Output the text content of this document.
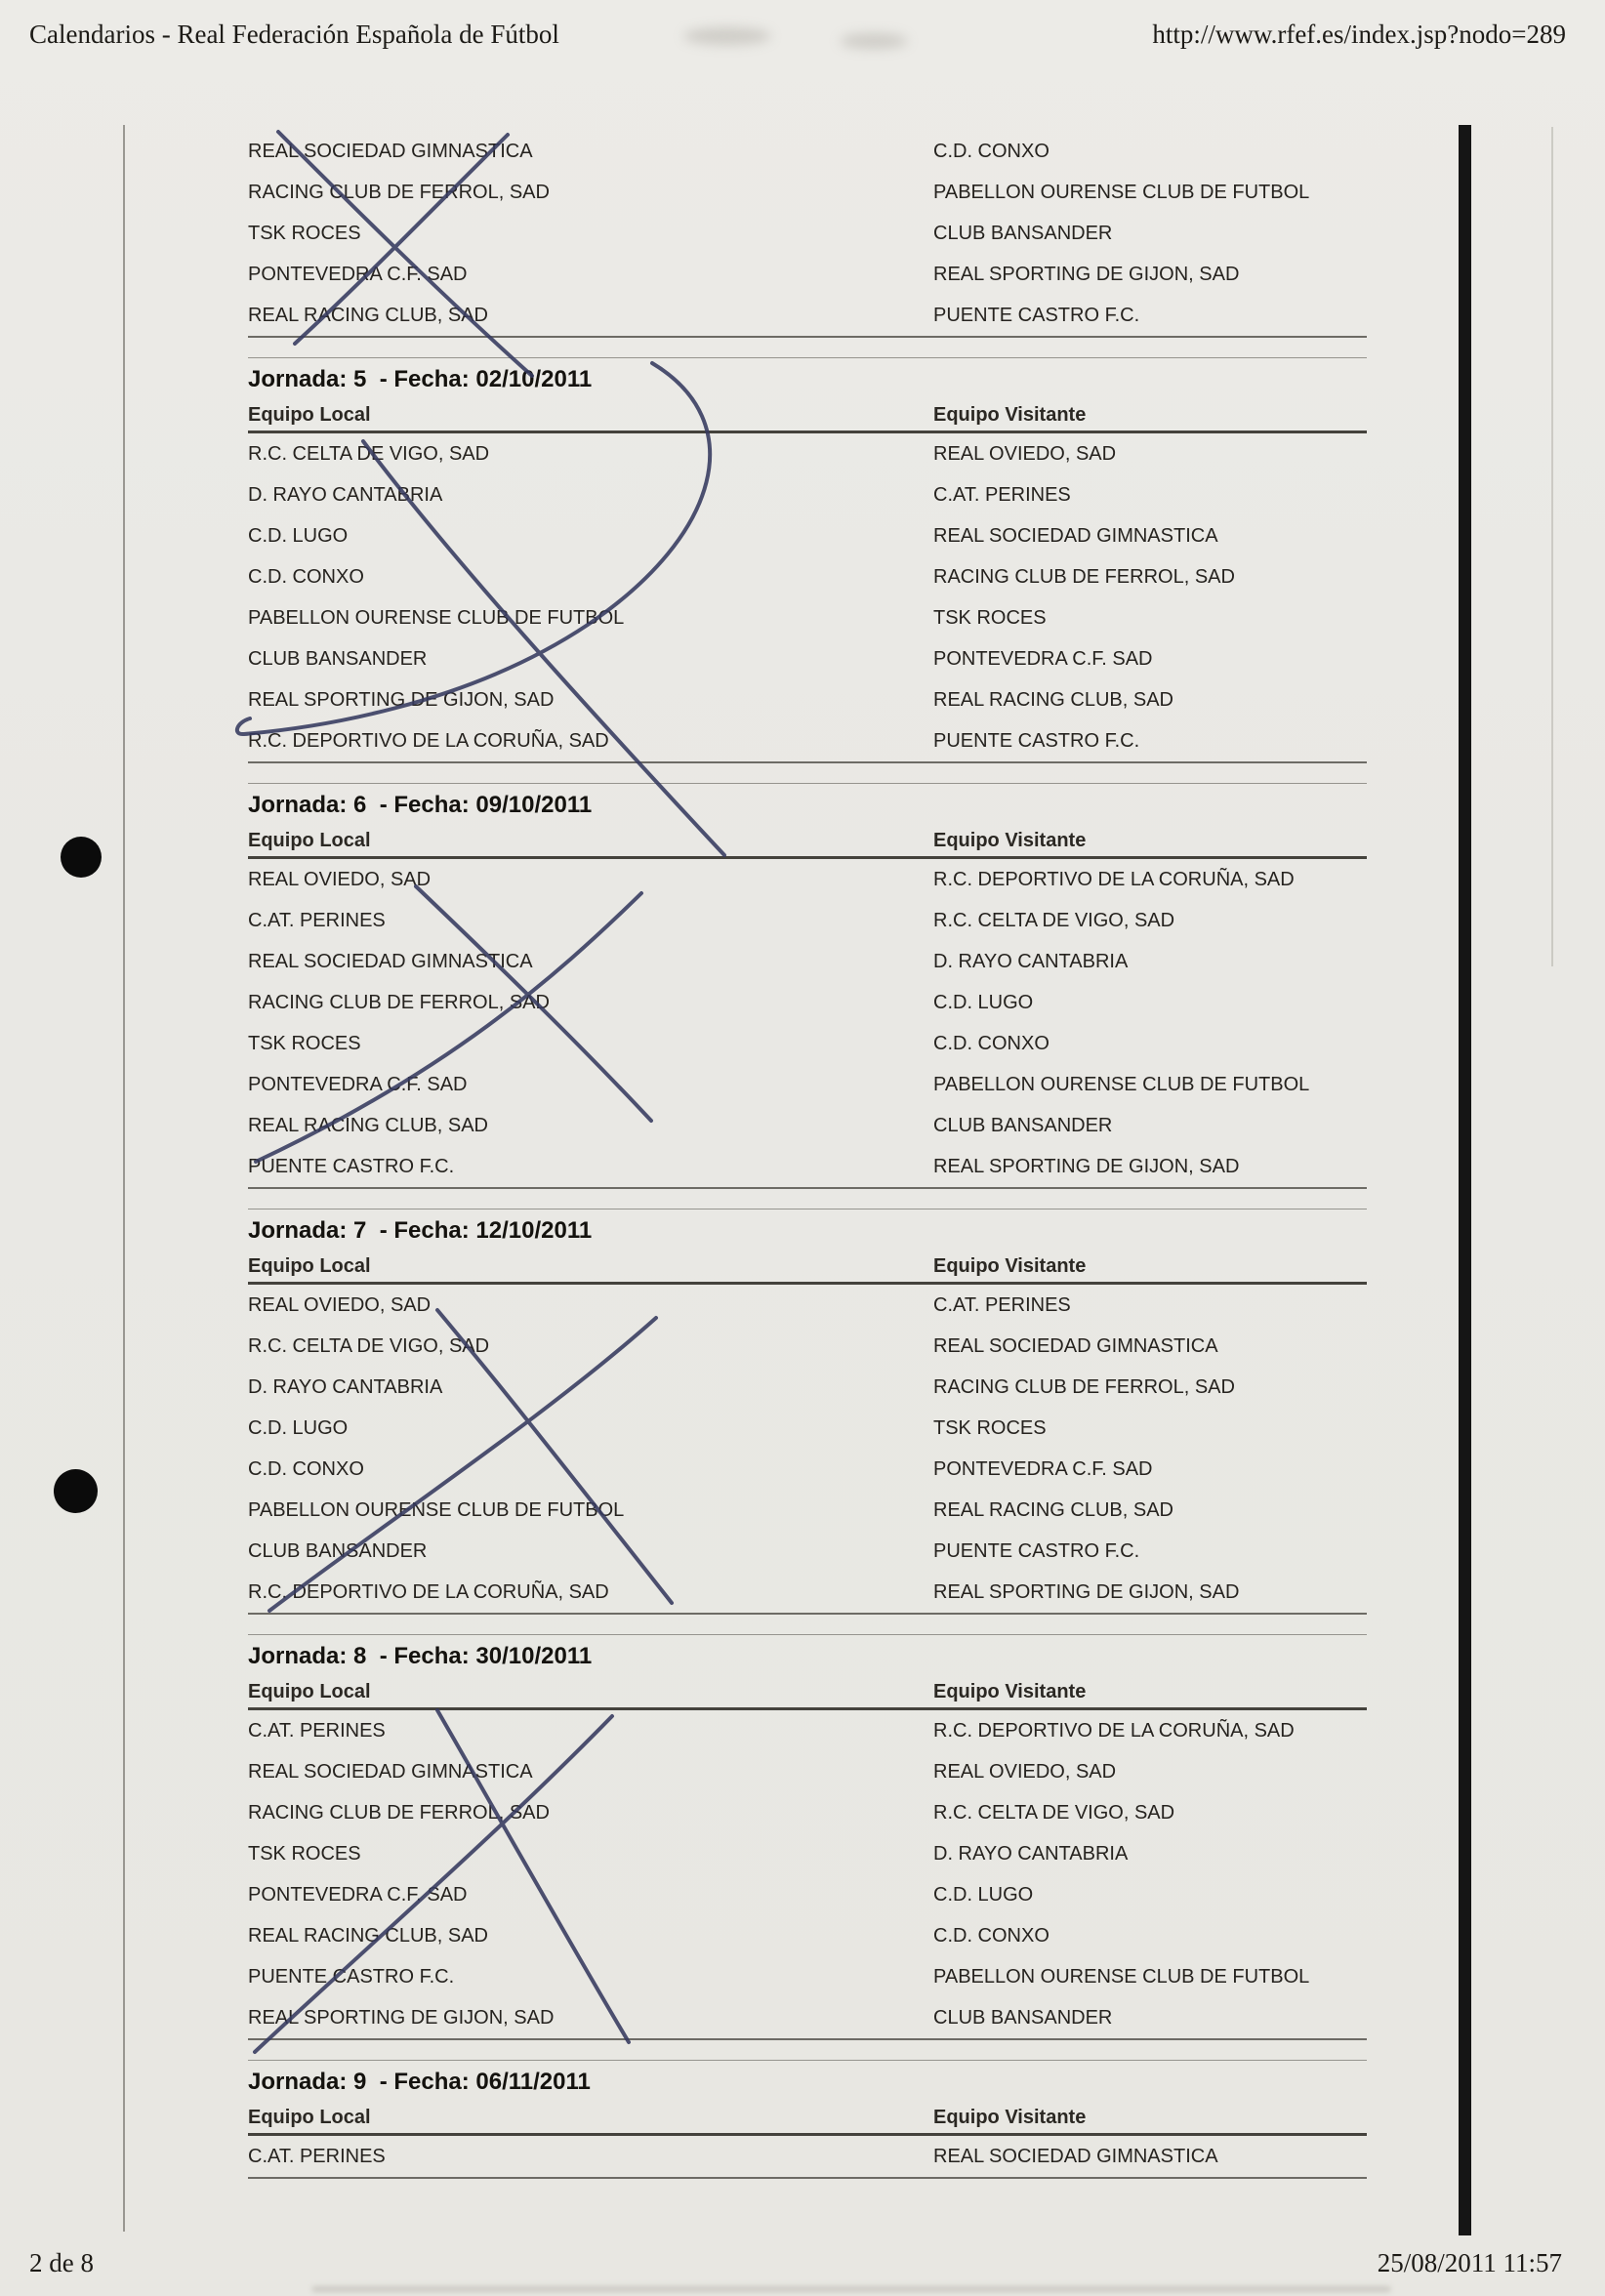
Calendarios - Real Federación Española de Fútbol	http://www.rfef.es/index.jsp?nodo=289
REAL SOCIEDAD GIMNASTICA	C.D. CONXO
RACING CLUB DE FERROL, SAD	PABELLON OURENSE CLUB DE FUTBOL
TSK ROCES	CLUB BANSANDER
PONTEVEDRA C.F. SAD	REAL SPORTING DE GIJON, SAD
REAL RACING CLUB, SAD	PUENTE CASTRO F.C.
Jornada: 5  - Fecha: 02/10/2011
Equipo Local	Equipo Visitante
R.C. CELTA DE VIGO, SAD	REAL OVIEDO, SAD
D. RAYO CANTABRIA	C.AT. PERINES
C.D. LUGO	REAL SOCIEDAD GIMNASTICA
C.D. CONXO	RACING CLUB DE FERROL, SAD
PABELLON OURENSE CLUB DE FUTBOL	TSK ROCES
CLUB BANSANDER	PONTEVEDRA C.F. SAD
REAL SPORTING DE GIJON, SAD	REAL RACING CLUB, SAD
R.C. DEPORTIVO DE LA CORUÑA, SAD	PUENTE CASTRO F.C.
Jornada: 6  - Fecha: 09/10/2011
Equipo Local	Equipo Visitante
REAL OVIEDO, SAD	R.C. DEPORTIVO DE LA CORUÑA, SAD
C.AT. PERINES	R.C. CELTA DE VIGO, SAD
REAL SOCIEDAD GIMNASTICA	D. RAYO CANTABRIA
RACING CLUB DE FERROL, SAD	C.D. LUGO
TSK ROCES	C.D. CONXO
PONTEVEDRA C.F. SAD	PABELLON OURENSE CLUB DE FUTBOL
REAL RACING CLUB, SAD	CLUB BANSANDER
PUENTE CASTRO F.C.	REAL SPORTING DE GIJON, SAD
Jornada: 7  - Fecha: 12/10/2011
Equipo Local	Equipo Visitante
REAL OVIEDO, SAD	C.AT. PERINES
R.C. CELTA DE VIGO, SAD	REAL SOCIEDAD GIMNASTICA
D. RAYO CANTABRIA	RACING CLUB DE FERROL, SAD
C.D. LUGO	TSK ROCES
C.D. CONXO	PONTEVEDRA C.F. SAD
PABELLON OURENSE CLUB DE FUTBOL	REAL RACING CLUB, SAD
CLUB BANSANDER	PUENTE CASTRO F.C.
R.C. DEPORTIVO DE LA CORUÑA, SAD	REAL SPORTING DE GIJON, SAD
Jornada: 8  - Fecha: 30/10/2011
Equipo Local	Equipo Visitante
C.AT. PERINES	R.C. DEPORTIVO DE LA CORUÑA, SAD
REAL SOCIEDAD GIMNASTICA	REAL OVIEDO, SAD
RACING CLUB DE FERROL, SAD	R.C. CELTA DE VIGO, SAD
TSK ROCES	D. RAYO CANTABRIA
PONTEVEDRA C.F. SAD	C.D. LUGO
REAL RACING CLUB, SAD	C.D. CONXO
PUENTE CASTRO F.C.	PABELLON OURENSE CLUB DE FUTBOL
REAL SPORTING DE GIJON, SAD	CLUB BANSANDER
Jornada: 9  - Fecha: 06/11/2011
Equipo Local	Equipo Visitante
C.AT. PERINES	REAL SOCIEDAD GIMNASTICA
2 de 8	25/08/2011 11:57
